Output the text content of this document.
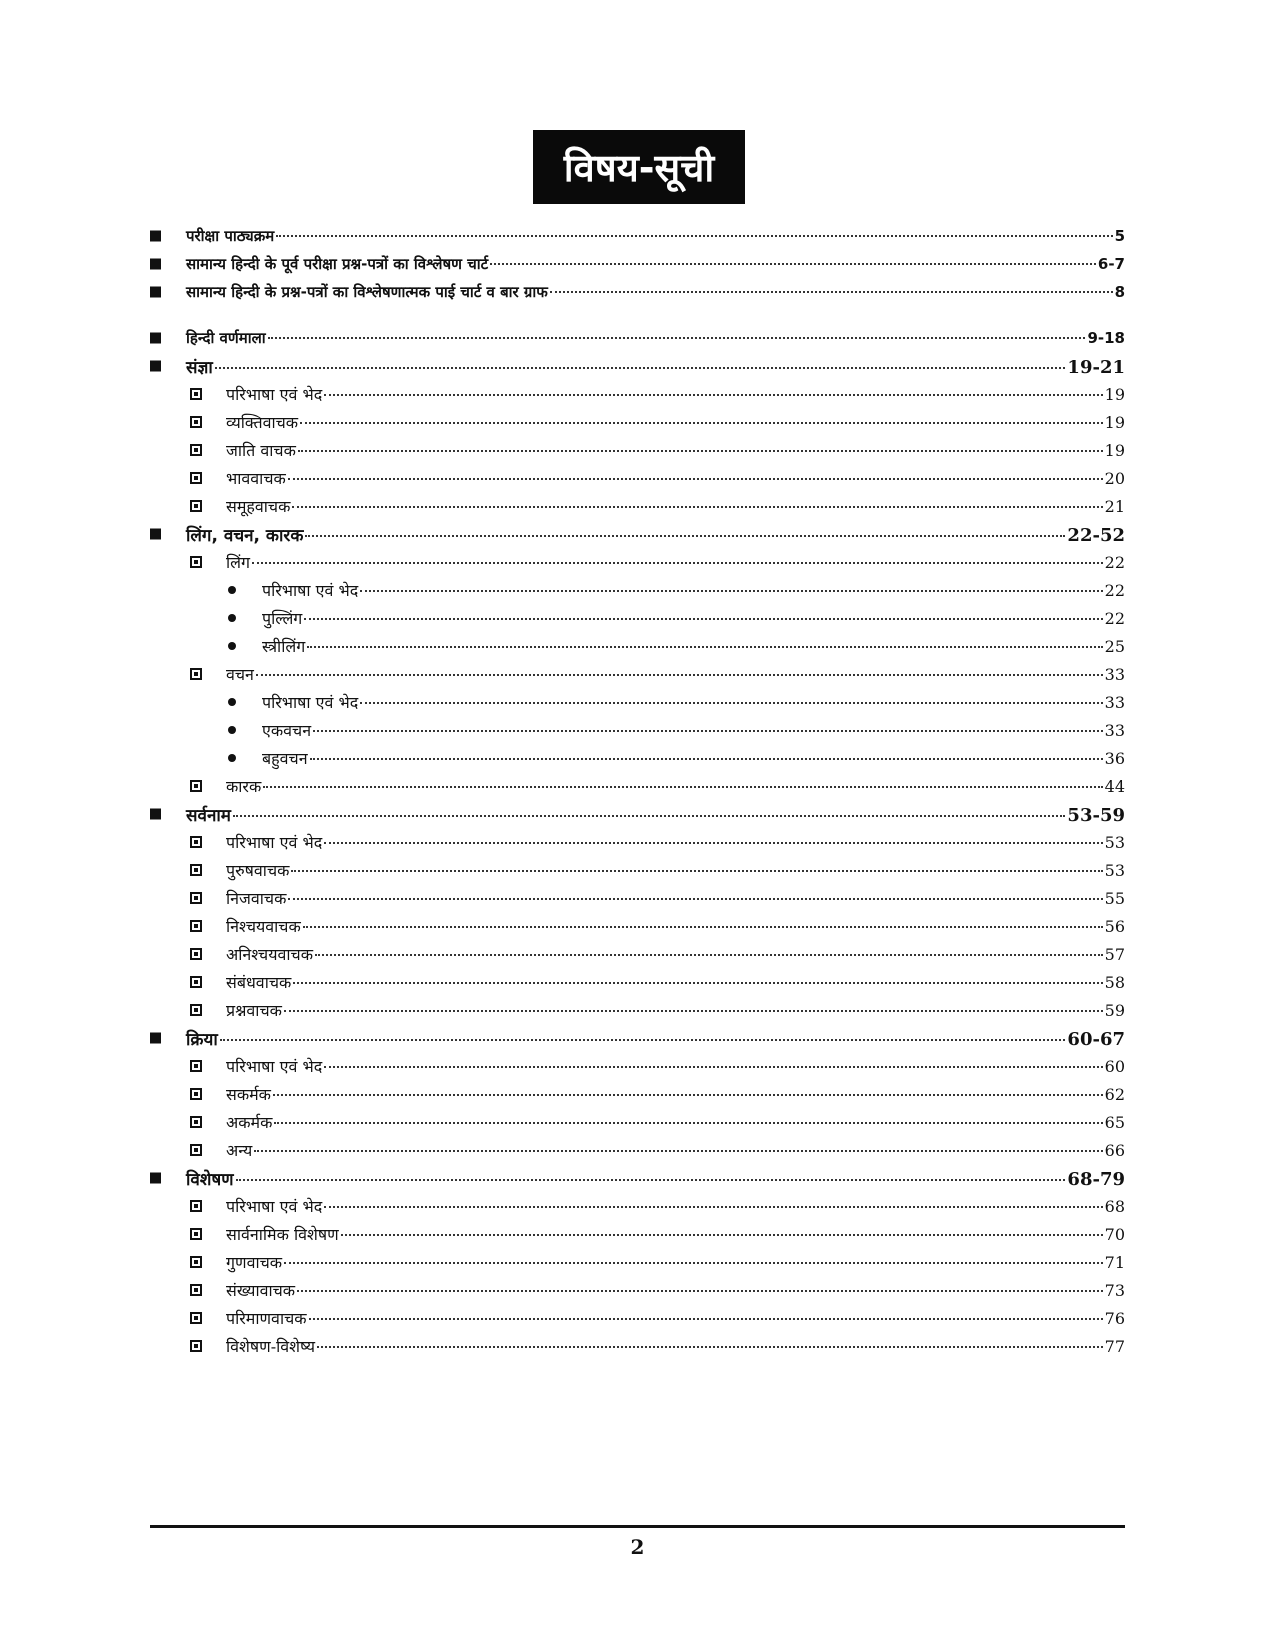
विषय-सूची
परीक्षा पाठ्यक्रम	5
सामान्य हिन्दी के पूर्व परीक्षा प्रश्न-पत्रों का विश्लेषण चार्ट	6-7
सामान्य हिन्दी के प्रश्न-पत्रों का विश्लेषणात्मक पाई चार्ट व बार ग्राफ	8
हिन्दी वर्णमाला	9-18
संज्ञा	19-21
परिभाषा एवं भेद	19
व्यक्तिवाचक	19
जाति वाचक	19
भाववाचक	20
समूहवाचक	21
लिंग, वचन, कारक	22-52
लिंग	22
परिभाषा एवं भेद	22
पुल्लिंग	22
स्त्रीलिंग	25
वचन	33
परिभाषा एवं भेद	33
एकवचन	33
बहुवचन	36
कारक	44
सर्वनाम	53-59
परिभाषा एवं भेद	53
पुरुषवाचक	53
निजवाचक	55
निश्चयवाचक	56
अनिश्चयवाचक	57
संबंधवाचक	58
प्रश्नवाचक	59
क्रिया	60-67
परिभाषा एवं भेद	60
सकर्मक	62
अकर्मक	65
अन्य	66
विशेषण	68-79
परिभाषा एवं भेद	68
सार्वनामिक विशेषण	70
गुणवाचक	71
संख्यावाचक	73
परिमाणवाचक	76
विशेषण-विशेष्य	77
2
